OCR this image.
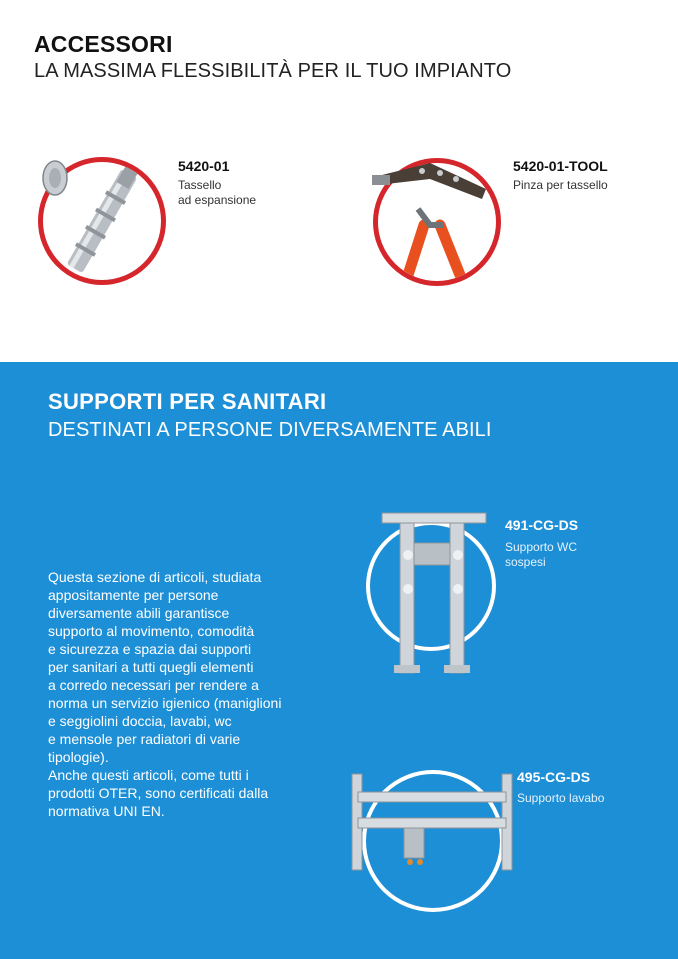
ACCESSORI
LA MASSIMA FLESSIBILITÀ PER IL TUO IMPIANTO
5420-01
Tassello
ad espansione
5420-01-TOOL
Pinza per tassello
SUPPORTI PER SANITARI
DESTINATI A PERSONE DIVERSAMENTE ABILI

Questa sezione di articoli, studiata

appositamente per persone

diversamente abili garantisce

supporto al movimento, comodità

e sicurezza e spazia dai supporti

per sanitari a tutti quegli elementi

a corredo necessari per rendere a

norma un servizio igienico (maniglioni

e seggiolini doccia, lavabi, wc

e mensole per radiatori di varie

tipologie).

Anche questi articoli, come tutti i

prodotti OTER, sono certificati dalla

normativa UNI EN.

491-CG-DS
Supporto WC
sospesi
495-CG-DS
Supporto lavabo
